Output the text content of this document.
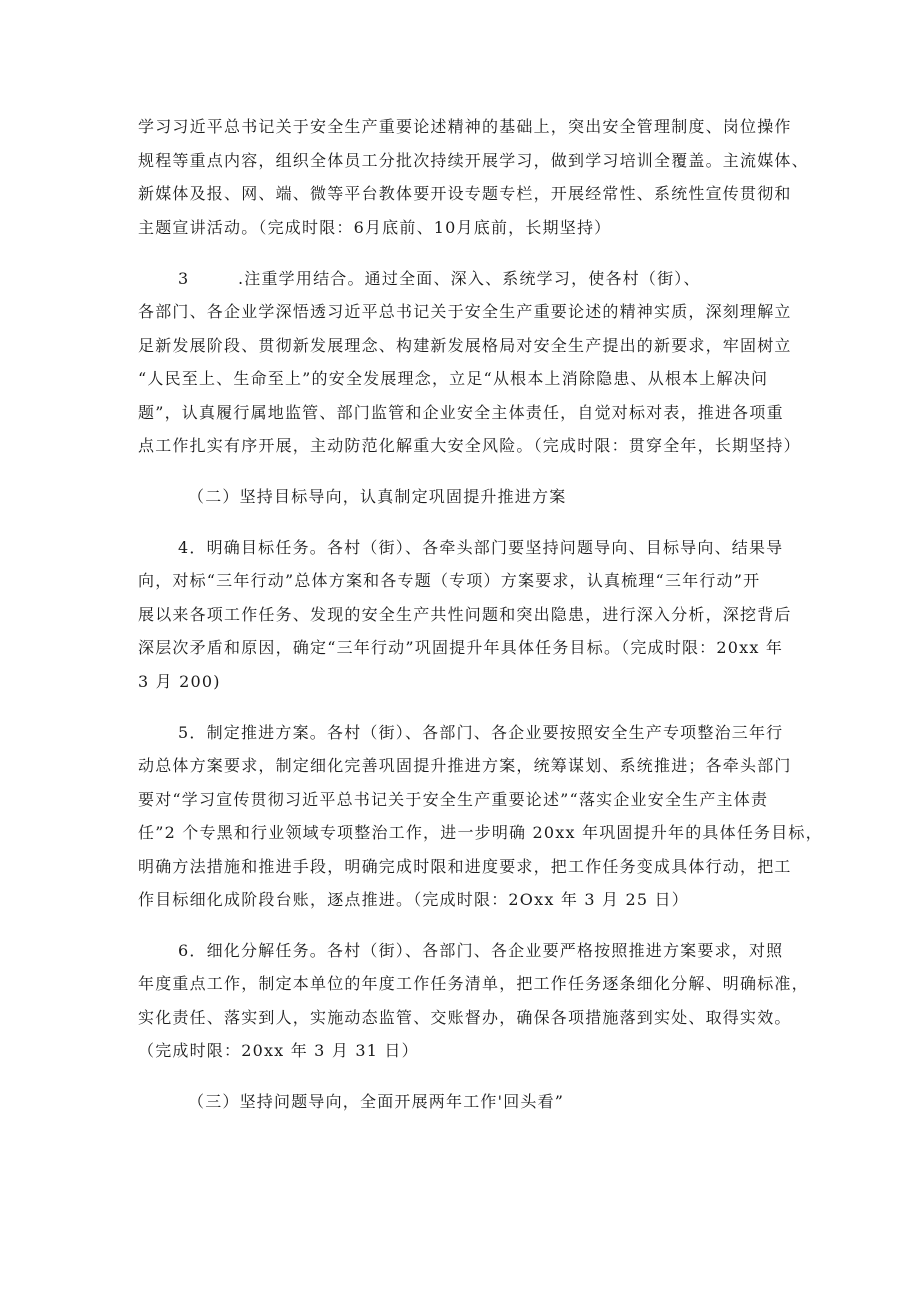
学习习近平总书记关于安全生产重要论述精神的基础上，突出安全管理制度、岗位操作
规程等重点内容，组织全体员工分批次持续开展学习，做到学习培训全覆盖。主流媒体、
新媒体及报、网、端、微等平台教体要开设专题专栏，开展经常性、系统性宣传贯彻和
主题宣讲活动。（完成时限：6月底前、10月底前，长期坚持）
3	.注重学用结合。通过全面、深入、系统学习，使各村（街）、
各部门、各企业学深悟透习近平总书记关于安全生产重要论述的精神实质，深刻理解立
足新发展阶段、贯彻新发展理念、构建新发展格局对安全生产提出的新要求，牢固树立
“人民至上、生命至上”的安全发展理念，立足“从根本上消除隐患、从根本上解决问
题”，认真履行属地监管、部门监管和企业安全主体责任，自觉对标对表，推进各项重
点工作扎实有序开展，主动防范化解重大安全风险。（完成时限：贯穿全年，长期坚持）
（二）坚持目标导向，认真制定巩固提升推进方案
4．明确目标任务。各村（街）、各牵头部门要坚持问题导向、目标导向、结果导
向，对标“三年行动”总体方案和各专题（专项）方案要求，认真梳理“三年行动”开
展以来各项工作任务、发现的安全生产共性问题和突出隐患，进行深入分析，深挖背后
深层次矛盾和原因，确定“三年行动”巩固提升年具体任务目标。（完成时限：20xx 年
3 月 200)
5．制定推进方案。各村（街）、各部门、各企业要按照安全生产专项整治三年行
动总体方案要求，制定细化完善巩固提升推进方案，统筹谋划、系统推进；各牵头部门
要对“学习宣传贯彻习近平总书记关于安全生产重要论述”“落实企业安全生产主体责
任”2 个专黑和行业领域专项整治工作，进一步明确 20xx 年巩固提升年的具体任务目标，
明确方法措施和推进手段，明确完成时限和进度要求，把工作任务变成具体行动，把工
作目标细化成阶段台账，逐点推进。（完成时限：2Oxx 年 3 月 25 日）
6．细化分解任务。各村（街）、各部门、各企业要严格按照推进方案要求，对照
年度重点工作，制定本单位的年度工作任务清单，把工作任务逐条细化分解、明确标准，
实化责任、落实到人，实施动态监管、交账督办，确保各项措施落到实处、取得实效。
（完成时限：20xx 年 3 月 31 日）
（三）坚持问题导向，全面开展两年工作'回头看”
